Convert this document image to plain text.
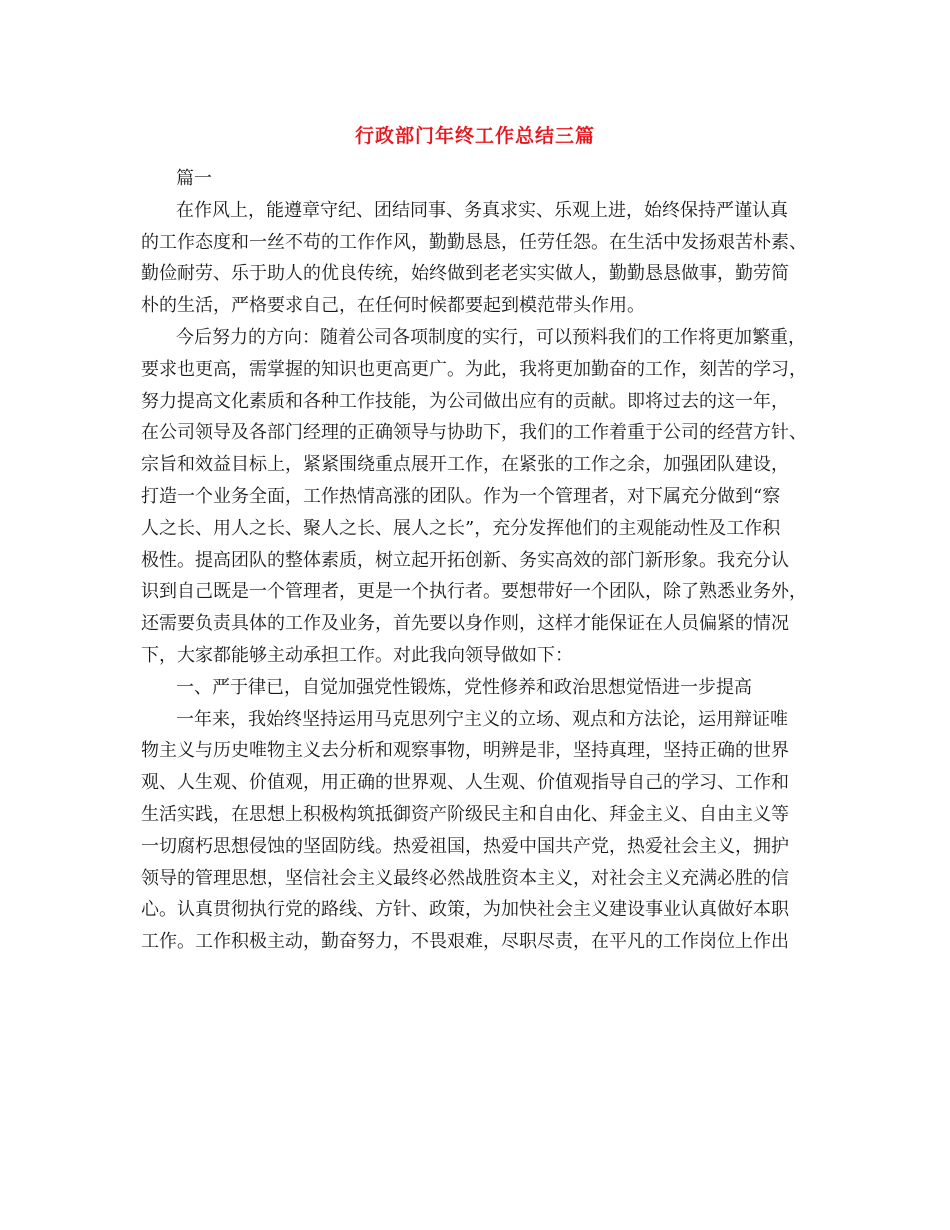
行政部门年终工作总结三篇
篇一
在作风上，能遵章守纪、团结同事、务真求实、乐观上进，始终保持严谨认真
的工作态度和一丝不苟的工作作风，勤勤恳恳，任劳任怨。在生活中发扬艰苦朴素、
勤俭耐劳、乐于助人的优良传统，始终做到老老实实做人，勤勤恳恳做事，勤劳简
朴的生活，严格要求自己，在任何时候都要起到模范带头作用。
今后努力的方向：随着公司各项制度的实行，可以预料我们的工作将更加繁重，
要求也更高，需掌握的知识也更高更广。为此，我将更加勤奋的工作，刻苦的学习，
努力提高文化素质和各种工作技能，为公司做出应有的贡献。即将过去的这一年，
在公司领导及各部门经理的正确领导与协助下，我们的工作着重于公司的经营方针、
宗旨和效益目标上，紧紧围绕重点展开工作，在紧张的工作之余，加强团队建设，
打造一个业务全面，工作热情高涨的团队。作为一个管理者，对下属充分做到“察
人之长、用人之长、聚人之长、展人之长”，充分发挥他们的主观能动性及工作积
极性。提高团队的整体素质，树立起开拓创新、务实高效的部门新形象。我充分认
识到自己既是一个管理者，更是一个执行者。要想带好一个团队，除了熟悉业务外，
还需要负责具体的工作及业务，首先要以身作则，这样才能保证在人员偏紧的情况
下，大家都能够主动承担工作。对此我向领导做如下：
一、严于律已，自觉加强党性锻炼，党性修养和政治思想觉悟进一步提高
一年来，我始终坚持运用马克思列宁主义的立场、观点和方法论，运用辩证唯
物主义与历史唯物主义去分析和观察事物，明辨是非，坚持真理，坚持正确的世界
观、人生观、价值观，用正确的世界观、人生观、价值观指导自己的学习、工作和
生活实践，在思想上积极构筑抵御资产阶级民主和自由化、拜金主义、自由主义等
一切腐朽思想侵蚀的坚固防线。热爱祖国，热爱中国共产党，热爱社会主义，拥护
领导的管理思想，坚信社会主义最终必然战胜资本主义，对社会主义充满必胜的信
心。认真贯彻执行党的路线、方针、政策，为加快社会主义建设事业认真做好本职
工作。工作积极主动，勤奋努力，不畏艰难，尽职尽责，在平凡的工作岗位上作出
